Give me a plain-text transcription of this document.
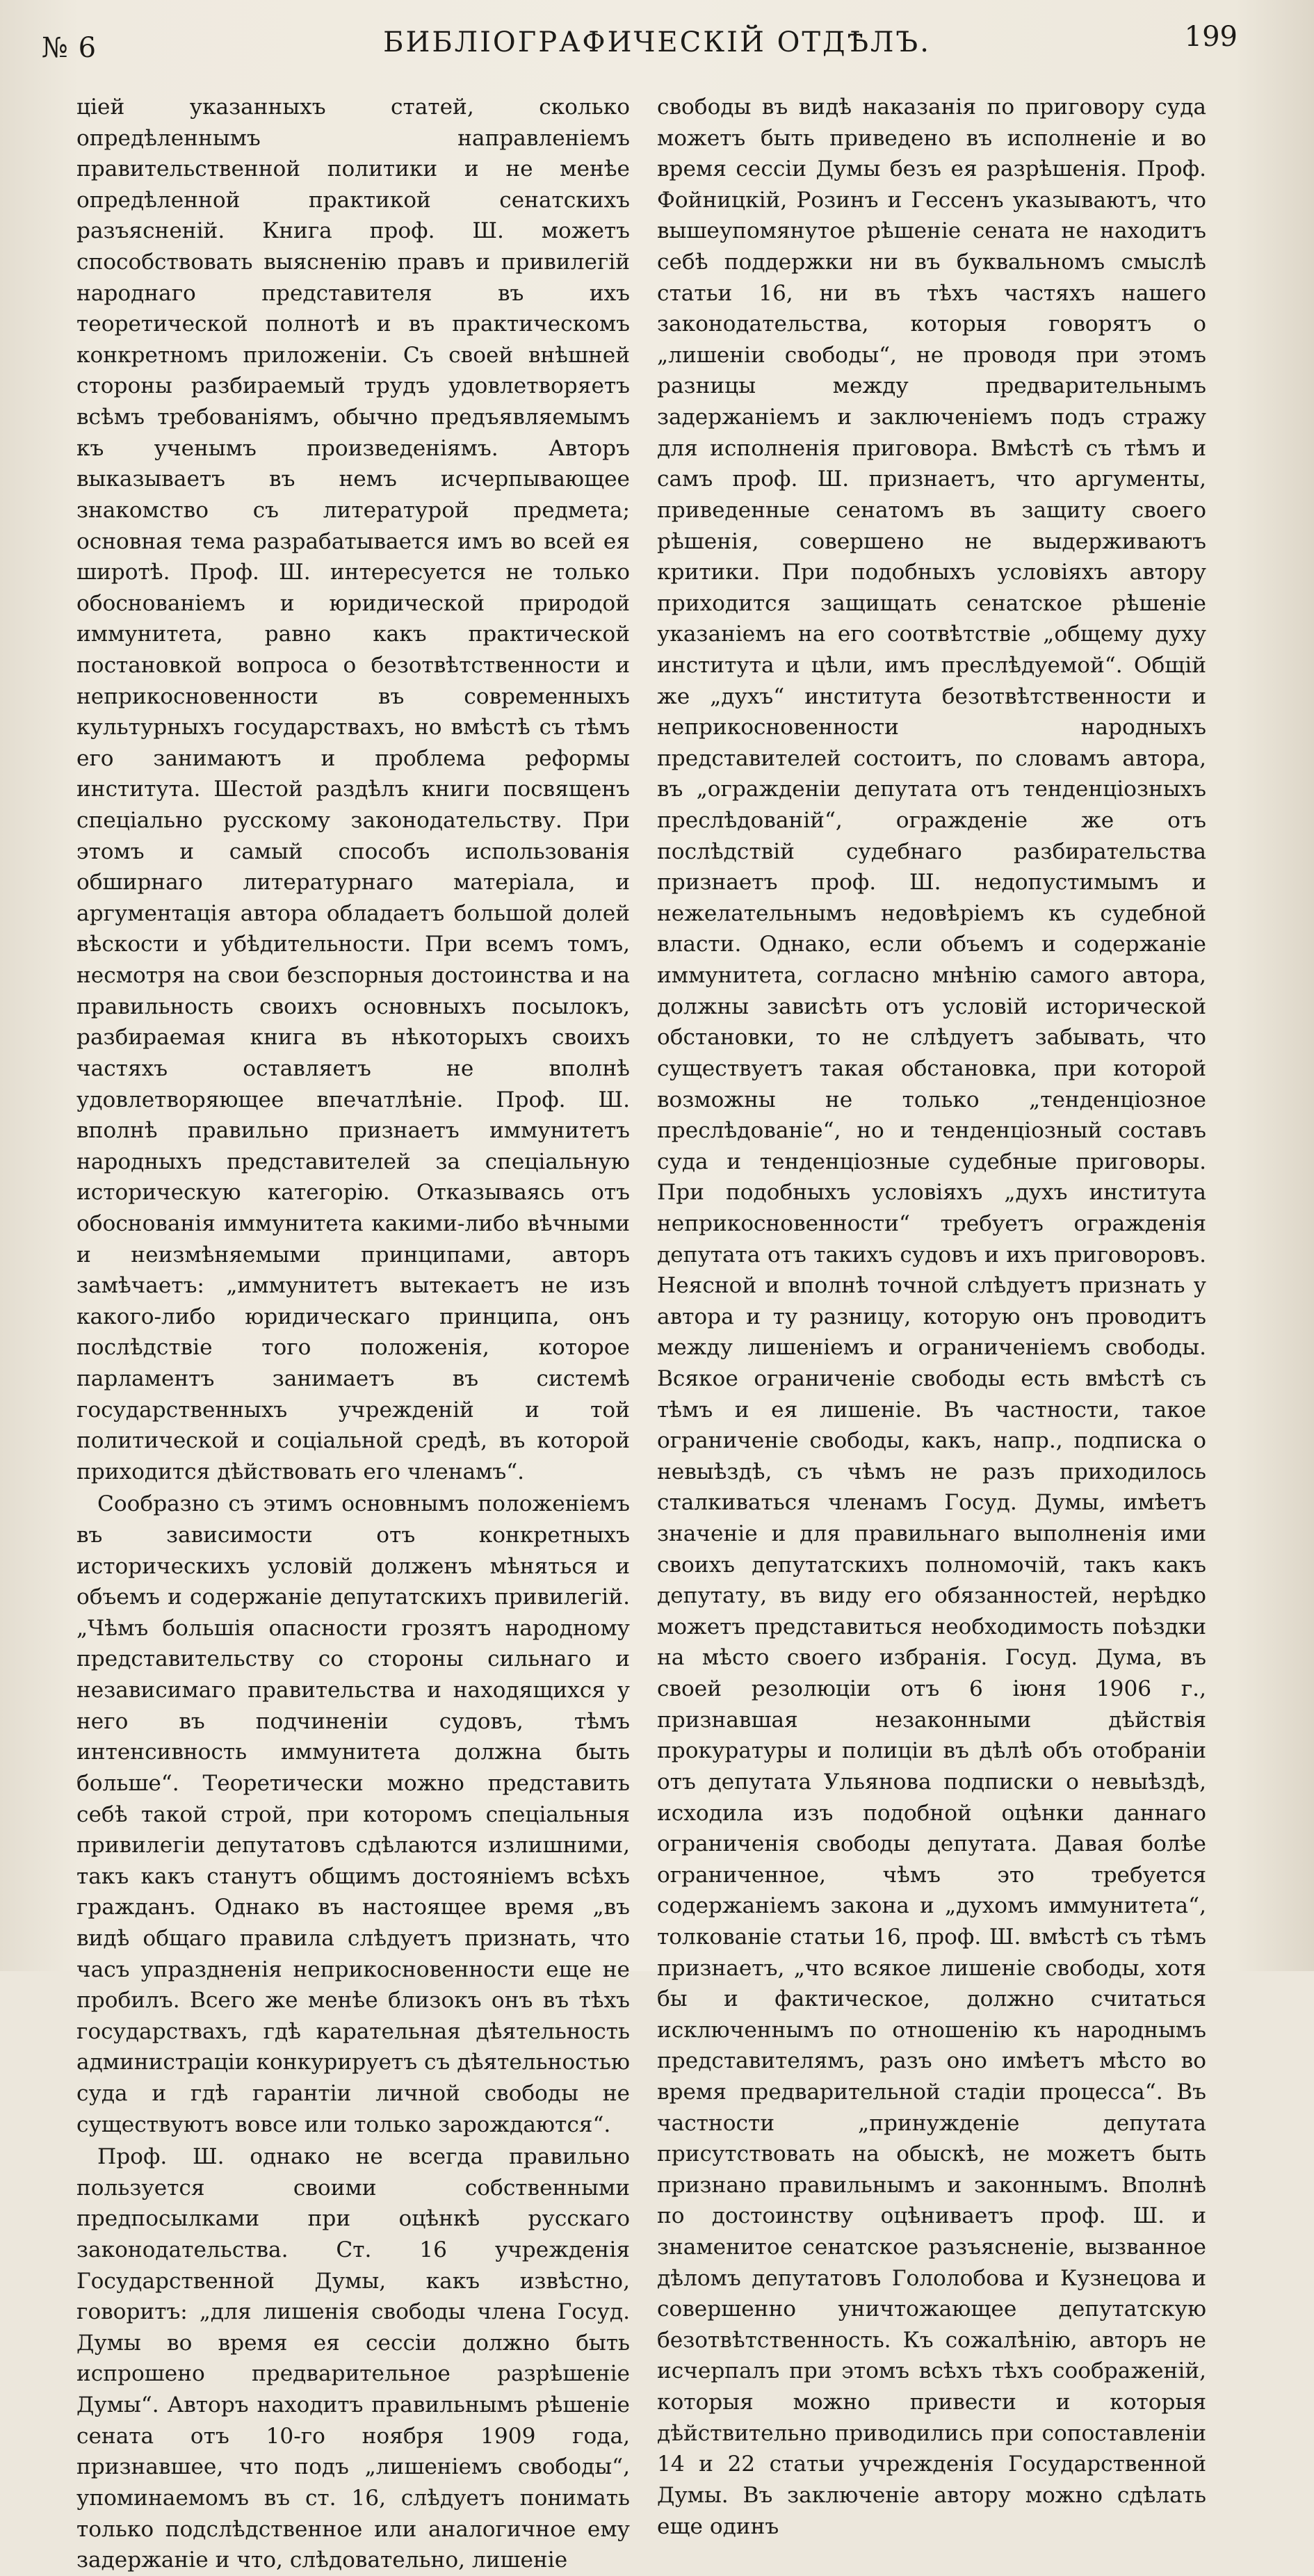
№ 6	БИБЛІОГРАФИЧЕСКІЙ ОТДѢЛЪ.	199

ціей указанныхъ статей, сколько опредѣленнымъ направленіемъ правительственной политики и не менѣе опредѣленной практикой сенатскихъ разъясненій. Книга проф. Ш. можетъ способствовать выясненію правъ и привилегій народнаго представителя въ ихъ теоретической полнотѣ и въ практическомъ конкретномъ приложеніи. Съ своей внѣшней стороны разбираемый трудъ удовлетворяетъ всѣмъ требованіямъ, обычно предъявляемымъ къ ученымъ произведеніямъ. Авторъ выказываетъ въ немъ исчерпывающее знакомство съ литературой предмета; основная тема разрабатывается имъ во всей ея широтѣ. Проф. Ш. интересуется не только обоснованіемъ и юридической природой иммунитета, равно какъ практической постановкой вопроса о безотвѣтственности и неприкосновенности въ современныхъ культурныхъ государствахъ, но вмѣстѣ съ тѣмъ его занимаютъ и проблема реформы института. Шестой раздѣлъ книги посвященъ спеціально русскому законодательству. При этомъ и самый способъ использованія обширнаго литературнаго матеріала, и аргументація автора обладаетъ большой долей вѣскости и убѣдительности. При всемъ томъ, несмотря на свои безспорныя достоинства и на правильность своихъ основныхъ посылокъ, разбираемая книга въ нѣкоторыхъ своихъ частяхъ оставляетъ не вполнѣ удовлетворяющее впечатлѣніе. Проф. Ш. вполнѣ правильно признаетъ иммунитетъ народныхъ представителей за спеціальную историческую категорію. Отказываясь отъ обоснованія иммунитета какими-либо вѣчными и неизмѣняемыми принципами, авторъ замѣчаетъ: „иммунитетъ вытекаетъ не изъ какого-либо юридическаго принципа, онъ послѣдствіе того положенія, которое парламентъ занимаетъ въ системѣ государственныхъ учрежденій и той политической и соціальной средѣ, въ которой приходится дѣйствовать его членамъ“.

Сообразно съ этимъ основнымъ положеніемъ въ зависимости отъ конкретныхъ историческихъ условій долженъ мѣняться и объемъ и содержаніе депутатскихъ привилегій. „Чѣмъ большія опасности грозятъ народному представительству со стороны сильнаго и независимаго правительства и находящихся у него въ подчиненіи судовъ, тѣмъ интенсивность иммунитета должна быть больше“. Теоретически можно представить себѣ такой строй, при которомъ спеціальныя привилегіи депутатовъ сдѣлаются излишними, такъ какъ станутъ общимъ достояніемъ всѣхъ гражданъ. Однако въ настоящее время „въ видѣ общаго правила слѣдуетъ признать, что часъ упраздненія неприкосновенности еще не пробилъ. Всего же менѣе близокъ онъ въ тѣхъ государствахъ, гдѣ карательная дѣятельность администраціи конкурируетъ съ дѣятельностью суда и гдѣ гарантіи личной свободы не существуютъ вовсе или только зарождаются“.

Проф. Ш. однако не всегда правильно пользуется своими собственными предпосылками при оцѣнкѣ русскаго законодательства. Ст. 16 учрежденія Государственной Думы, какъ извѣстно, говоритъ: „для лишенія свободы члена Госуд. Думы во время ея сессіи должно быть испрошено предварительное разрѣшеніе Думы“. Авторъ находитъ правильнымъ рѣшеніе сената отъ 10-го ноября 1909 года, признавшее, что подъ „лишеніемъ свободы“, упоминаемомъ въ ст. 16, слѣдуетъ понимать только подслѣдственное или аналогичное ему задержаніе и что, слѣдовательно, лишеніе

свободы въ видѣ наказанія по приговору суда можетъ быть приведено въ исполненіе и во время сессіи Думы безъ ея разрѣшенія. Проф. Фойницкій, Розинъ и Гессенъ указываютъ, что вышеупомянутое рѣшеніе сената не находитъ себѣ поддержки ни въ буквальномъ смыслѣ статьи 16, ни въ тѣхъ частяхъ нашего законодательства, которыя говорятъ о „лишеніи свободы“, не проводя при этомъ разницы между предварительнымъ задержаніемъ и заключеніемъ подъ стражу для исполненія приговора. Вмѣстѣ съ тѣмъ и самъ проф. Ш. признаетъ, что аргументы, приведенные сенатомъ въ защиту своего рѣшенія, совершено не выдерживаютъ критики. При подобныхъ условіяхъ автору приходится защищать сенатское рѣшеніе указаніемъ на его соотвѣтствіе „общему духу института и цѣли, имъ преслѣдуемой“. Общій же „духъ“ института безотвѣтственности и неприкосновенности народныхъ представителей состоитъ, по словамъ автора, въ „огражденіи депутата отъ тенденціозныхъ преслѣдованій“, огражденіе же отъ послѣдствій судебнаго разбирательства признаетъ проф. Ш. недопустимымъ и нежелательнымъ недовѣріемъ къ судебной власти. Однако, если объемъ и содержаніе иммунитета, согласно мнѣнію самого автора, должны зависѣть отъ условій исторической обстановки, то не слѣдуетъ забывать, что существуетъ такая обстановка, при которой возможны не только „тенденціозное преслѣдованіе“, но и тенденціозный составъ суда и тенденціозные судебные приговоры. При подобныхъ условіяхъ „духъ института неприкосновенности“ требуетъ огражденія депутата отъ такихъ судовъ и ихъ приговоровъ. Неясной и вполнѣ точной слѣдуетъ признать у автора и ту разницу, которую онъ проводитъ между лишеніемъ и ограниченіемъ свободы. Всякое ограниченіе свободы есть вмѣстѣ съ тѣмъ и ея лишеніе. Въ частности, такое ограниченіе свободы, какъ, напр., подписка о невыѣздѣ, съ чѣмъ не разъ приходилось сталкиваться членамъ Госуд. Думы, имѣетъ значеніе и для правильнаго выполненія ими своихъ депутатскихъ полномочій, такъ какъ депутату, въ виду его обязанностей, нерѣдко можетъ представиться необходимость поѣздки на мѣсто своего избранія. Госуд. Дума, въ своей резолюціи отъ 6 іюня 1906 г., признавшая незаконными дѣйствія прокуратуры и полиціи въ дѣлѣ объ отобраніи отъ депутата Ульянова подписки о невыѣздѣ, исходила изъ подобной оцѣнки даннаго ограниченія свободы депутата. Давая болѣе ограниченное, чѣмъ это требуется содержаніемъ закона и „духомъ иммунитета“, толкованіе статьи 16, проф. Ш. вмѣстѣ съ тѣмъ признаетъ, „что всякое лишеніе свободы, хотя бы и фактическое, должно считаться исключеннымъ по отношенію къ народнымъ представителямъ, разъ оно имѣетъ мѣсто во время предварительной стадіи процесса“. Въ частности „принужденіе депутата присутствовать на обыскѣ, не можетъ быть признано правильнымъ и законнымъ. Вполнѣ по достоинству оцѣниваетъ проф. Ш. и знаменитое сенатское разъясненіе, вызванное дѣломъ депутатовъ Гололобова и Кузнецова и совершенно уничтожающее депутатскую безотвѣтственность. Къ сожалѣнію, авторъ не исчерпалъ при этомъ всѣхъ тѣхъ соображеній, которыя можно привести и которыя дѣйствительно приводились при сопоставленіи 14 и 22 статьи учрежденія Государственной Думы. Въ заключеніе автору можно сдѣлать еще одинъ
